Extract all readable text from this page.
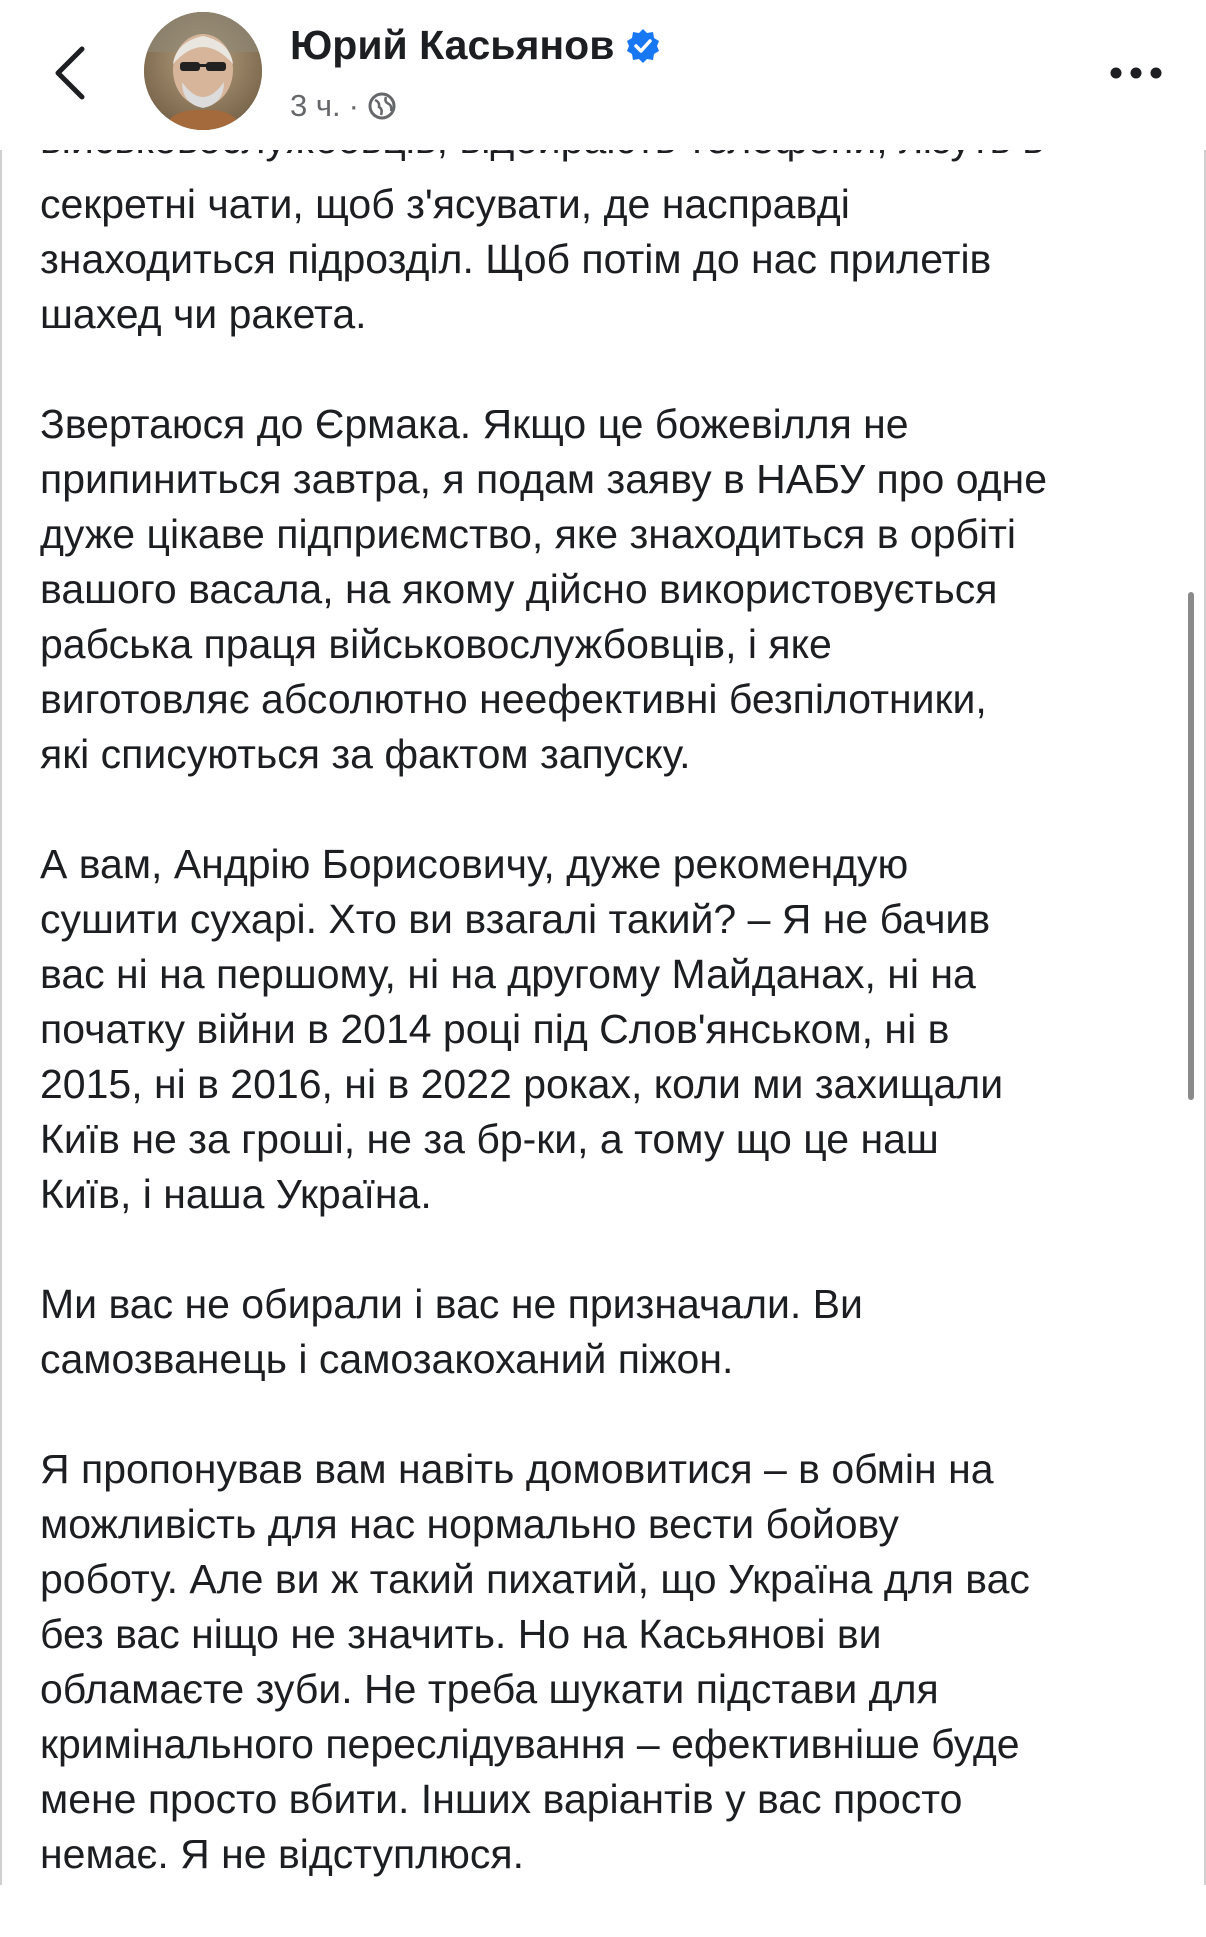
Юрий Касьянов
3 ч. ·

секретні чати, щоб з'ясувати, де насправді
знаходиться підрозділ. Щоб потім до нас прилетів
шахед чи ракета.

Звертаюся до Єрмака. Якщо це божевілля не
припиниться завтра, я подам заяву в НАБУ про одне
дуже цікаве підприємство, яке знаходиться в орбіті
вашого васала, на якому дійсно використовується
рабська праця військовослужбовців, і яке
виготовляє абсолютно неефективні безпілотники,
які списуються за фактом запуску.

А вам, Андрію Борисовичу, дуже рекомендую
сушити сухарі. Хто ви взагалі такий? – Я не бачив
вас ні на першому, ні на другому Майданах, ні на
початку війни в 2014 році під Слов'янськом, ні в
2015, ні в 2016, ні в 2022 роках, коли ми захищали
Київ не за гроші, не за бр-ки, а тому що це наш
Київ, і наша Україна.

Ми вас не обирали і вас не призначали. Ви
самозванець і самозакоханий піжон.

Я пропонував вам навіть домовитися – в обмін на
можливість для нас нормально вести бойову
роботу. Але ви ж такий пихатий, що Україна для вас
без вас ніщо не значить. Но на Касьянові ви
обламаєте зуби. Не треба шукати підстави для
кримінального переслідування – ефективніше буде
мене просто вбити. Інших варіантів у вас просто
немає. Я не відступлюся.
